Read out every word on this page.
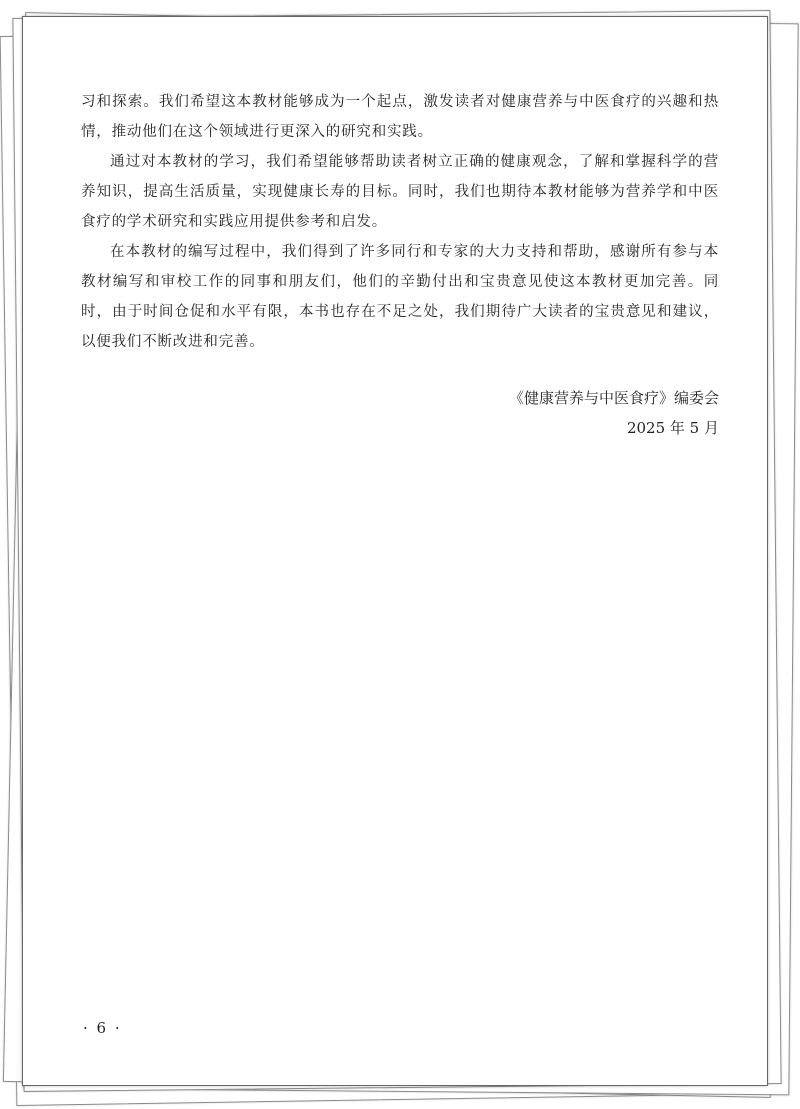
习和探索。我们希望这本教材能够成为一个起点，激发读者对健康营养与中医食疗的兴趣和热情，推动他们在这个领域进行更深入的研究和实践。

通过对本教材的学习，我们希望能够帮助读者树立正确的健康观念，了解和掌握科学的营养知识，提高生活质量，实现健康长寿的目标。同时，我们也期待本教材能够为营养学和中医食疗的学术研究和实践应用提供参考和启发。

在本教材的编写过程中，我们得到了许多同行和专家的大力支持和帮助，感谢所有参与本教材编写和审校工作的同事和朋友们，他们的辛勤付出和宝贵意见使这本教材更加完善。同时，由于时间仓促和水平有限，本书也存在不足之处，我们期待广大读者的宝贵意见和建议，以便我们不断改进和完善。

《健康营养与中医食疗》编委会
2025 年 5 月
· 6 ·
